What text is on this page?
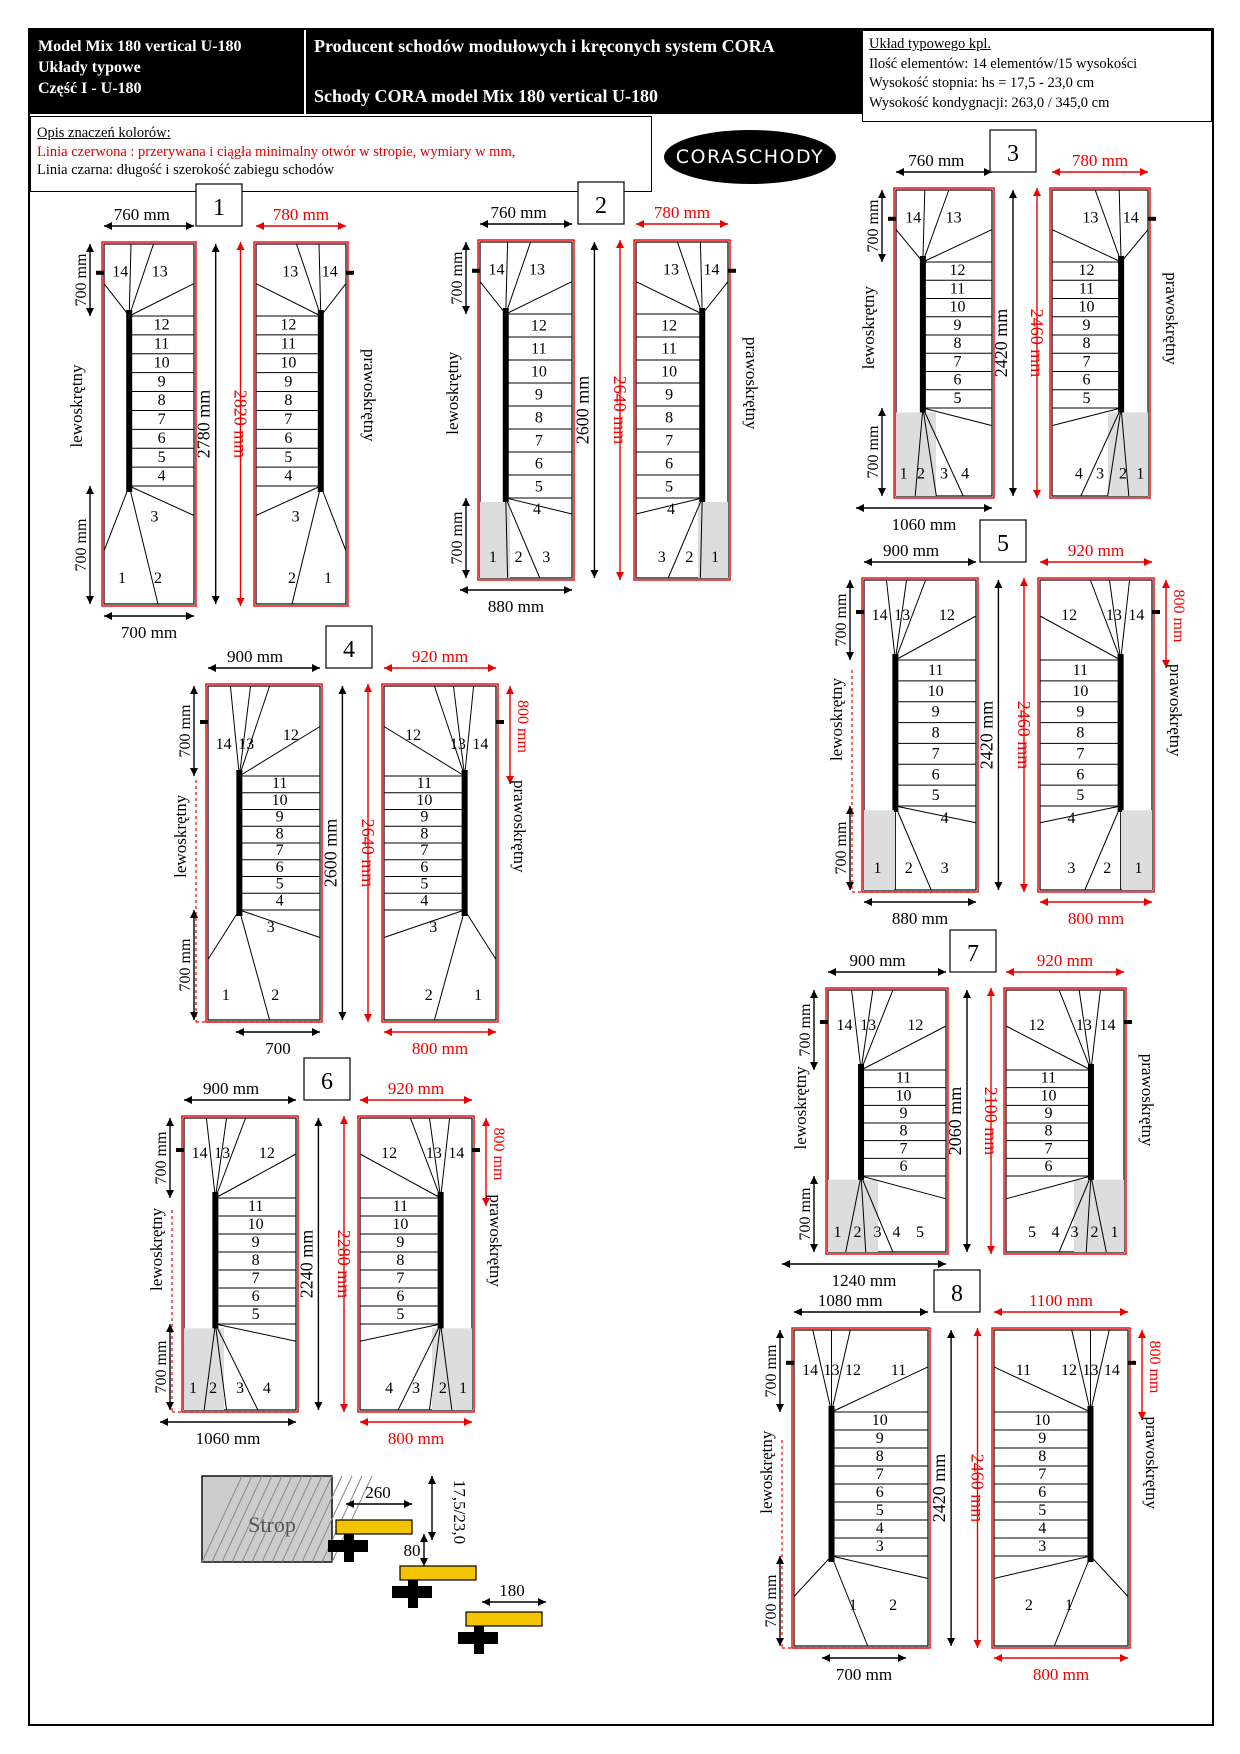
Model Mix 180 vertical U-180
Układy typowe
Część I - U-180
Producent schodów modułowych i kręconych system CORA
Schody CORA model Mix 180 vertical U-180
Układ typowego kpl.
Ilość elementów: 14 elementów/15 wysokości
Wysokość stopnia: hs = 17,5 - 23,0 cm
Wysokość kondygnacji: 263,0 / 345,0 cm
Opis znaczeń kolorów:
Linia czerwona : przerywana i ciągła minimalny otwór w stropie, wymiary w mm,
Linia czarna: długość i szerokość zabiegu schodów
CORASCHODY
12
11
10
9
8
7
6
5
4
14 13
3
2
1
12
11
10
9
8
7
6
5
4
14
13
3
2 1
760 mm	780 mm
1
700 mm
2780 mm 2820 mm
700 mm
700 mm
lewoskrętny	prawoskrętny
12
11
10
9
8
7
6
5
14 13
4
3
2
1
12
11
10
9
8
7
6
5
14
13
4
3 2 1
760 mm	780 mm
2
700 mm
2600 mm 2640 mm
700 mm
880 mm
lewoskrętny	prawoskrętny
12
11
10
9
8
7
6
5
14 13
4
3
2
1
12
11
10
9
8
7
6
5
14
13
4 3 2 1
760 mm	780 mm
3
700 mm
2420 mm 2460 mm
700 mm
1060 mm
lewoskrętny	prawoskrętny
11
10
9
8
7
6
5
4
14 13
12
3
2
1
11
10
9
8
7
6
5
4
14
13
12
3
2	1
900 mm	920 mm
4
700 mm	800 mm
2600 mm 2640 mm
700 mm
700	800 mm
lewoskrętny	prawoskrętny
11
10
9
8
7
6
5
14 13 12
4
3
2
1
11
10
9
8
7
6
5
14
13
12
4
3 2 1
900 mm	920 mm
5
700 mm	800 mm
2420 mm 2460 mm
700 mm
880 mm	800 mm
lewoskrętny	prawoskrętny
11
10
9
8
7
6
5
14 13 12
4
3
2
1
11
10
9
8
7
6
5
14
13
12
4 3 2 1
900 mm	920 mm
6
700 mm	800 mm
2240 mm 2280 mm
700 mm
1060 mm	800 mm
lewoskrętny	prawoskrętny
11
10
9
8
7
6
14 13 12
5
4
3
2
1
11
10
9
8
7
6
14
13
12
5 4 3 2 1
900 mm	920 mm
7
700 mm
2060 mm 2100 mm
700 mm
1240 mm
lewoskrętny	prawoskrętny
10
9
8
7
6
5
4
3
14 13 12 11
2
1
10
9
8
7
6
5
4
3
14
13
12
11
2 1
1080 mm	1100 mm
8
700 mm	800 mm
2420 mm 2460 mm
700 mm
700 mm	800 mm
lewoskrętny	prawoskrętny
Strop
260	17,5/23,0
80
180
